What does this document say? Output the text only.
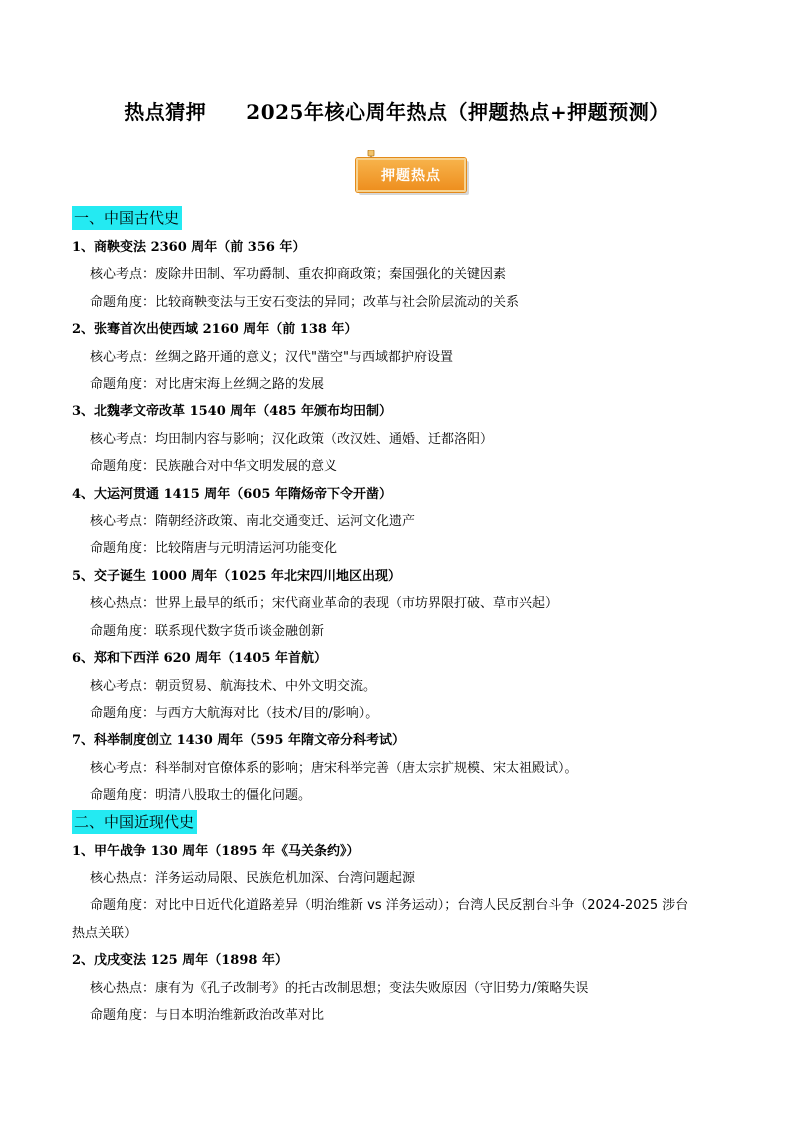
热点猜押 2025年核心周年热点（押题热点+押题预测）
押题热点
一、中国古代史
1、商鞅变法 2360 周年（前 356 年）
核心考点：废除井田制、军功爵制、重农抑商政策；秦国强化的关键因素
命题角度：比较商鞅变法与王安石变法的异同；改革与社会阶层流动的关系
2、张骞首次出使西域 2160 周年（前 138 年）
核心考点：丝绸之路开通的意义；汉代"凿空"与西域都护府设置
命题角度：对比唐宋海上丝绸之路的发展
3、北魏孝文帝改革 1540 周年（485 年颁布均田制）
核心考点：均田制内容与影响；汉化政策（改汉姓、通婚、迁都洛阳）
命题角度：民族融合对中华文明发展的意义
4、大运河贯通 1415 周年（605 年隋炀帝下令开凿）
核心考点：隋朝经济政策、南北交通变迁、运河文化遗产
命题角度：比较隋唐与元明清运河功能变化
5、交子诞生 1000 周年（1025 年北宋四川地区出现）
核心热点：世界上最早的纸币；宋代商业革命的表现（市坊界限打破、草市兴起）
命题角度：联系现代数字货币谈金融创新
6、郑和下西洋 620 周年（1405 年首航）
核心考点：朝贡贸易、航海技术、中外文明交流。
命题角度：与西方大航海对比（技术/目的/影响）。
7、科举制度创立 1430 周年（595 年隋文帝分科考试）
核心考点：科举制对官僚体系的影响；唐宋科举完善（唐太宗扩规模、宋太祖殿试）。
命题角度：明清八股取士的僵化问题。
二、中国近现代史
1、甲午战争 130 周年（1895 年《马关条约》）
核心热点：洋务运动局限、民族危机加深、台湾问题起源
命题角度：对比中日近代化道路差异（明治维新 vs 洋务运动）；台湾人民反割台斗争（2024-2025 涉台
热点关联）
2、戊戌变法 125 周年（1898 年）
核心热点：康有为《孔子改制考》的托古改制思想；变法失败原因（守旧势力/策略失误
命题角度：与日本明治维新政治改革对比
